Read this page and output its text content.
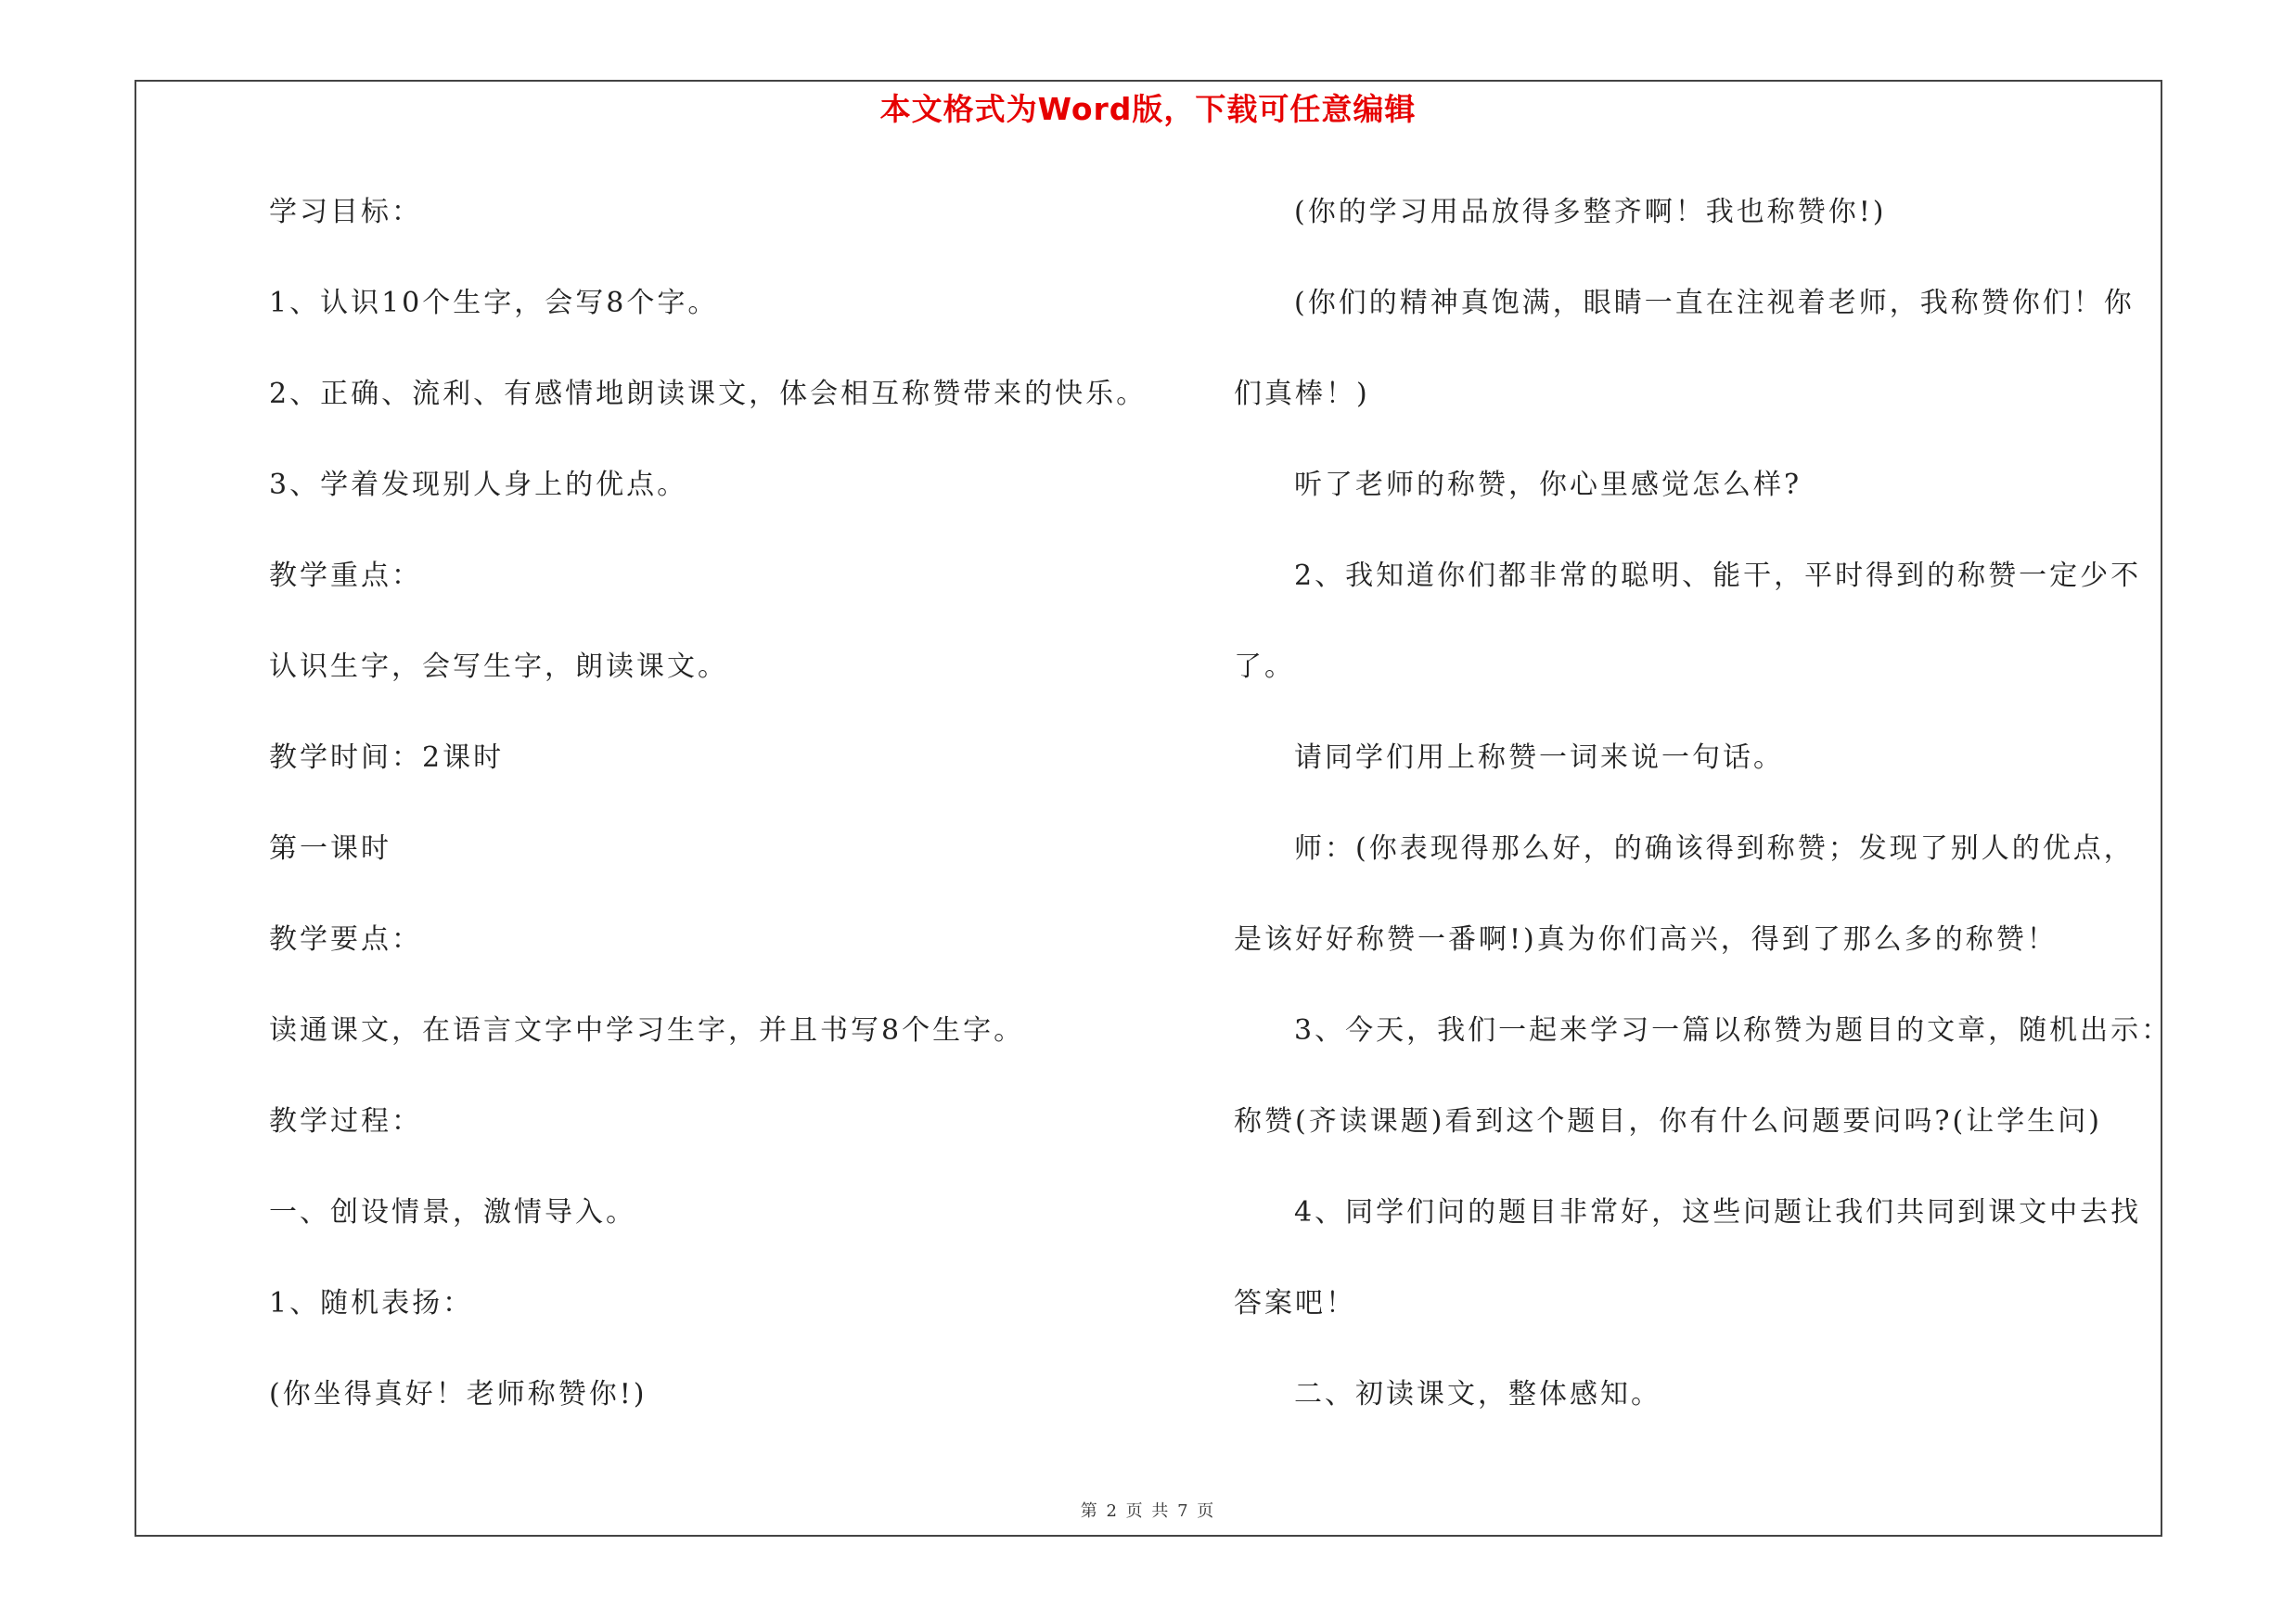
本文格式为Word版，下载可任意编辑
学习目标：
1、认识10个生字，会写8个字。
2、正确、流利、有感情地朗读课文，体会相互称赞带来的快乐。
3、学着发现别人身上的优点。
教学重点：
认识生字，会写生字，朗读课文。
教学时间：2课时
第一课时
教学要点：
读通课文，在语言文字中学习生字，并且书写8个生字。
教学过程：
一、创设情景，激情导入。
1、随机表扬：
(你坐得真好！老师称赞你!)
(你的学习用品放得多整齐啊！我也称赞你!)
(你们的精神真饱满，眼睛一直在注视着老师，我称赞你们！你
们真棒！)
听了老师的称赞，你心里感觉怎么样?
2、我知道你们都非常的聪明、能干，平时得到的称赞一定少不
了。
请同学们用上称赞一词来说一句话。
师：(你表现得那么好，的确该得到称赞；发现了别人的优点，
是该好好称赞一番啊!)真为你们高兴，得到了那么多的称赞！
3、今天，我们一起来学习一篇以称赞为题目的文章，随机出示：
称赞(齐读课题)看到这个题目，你有什么问题要问吗?(让学生问)
4、同学们问的题目非常好，这些问题让我们共同到课文中去找
答案吧！
二、初读课文，整体感知。
第 2 页 共 7 页
